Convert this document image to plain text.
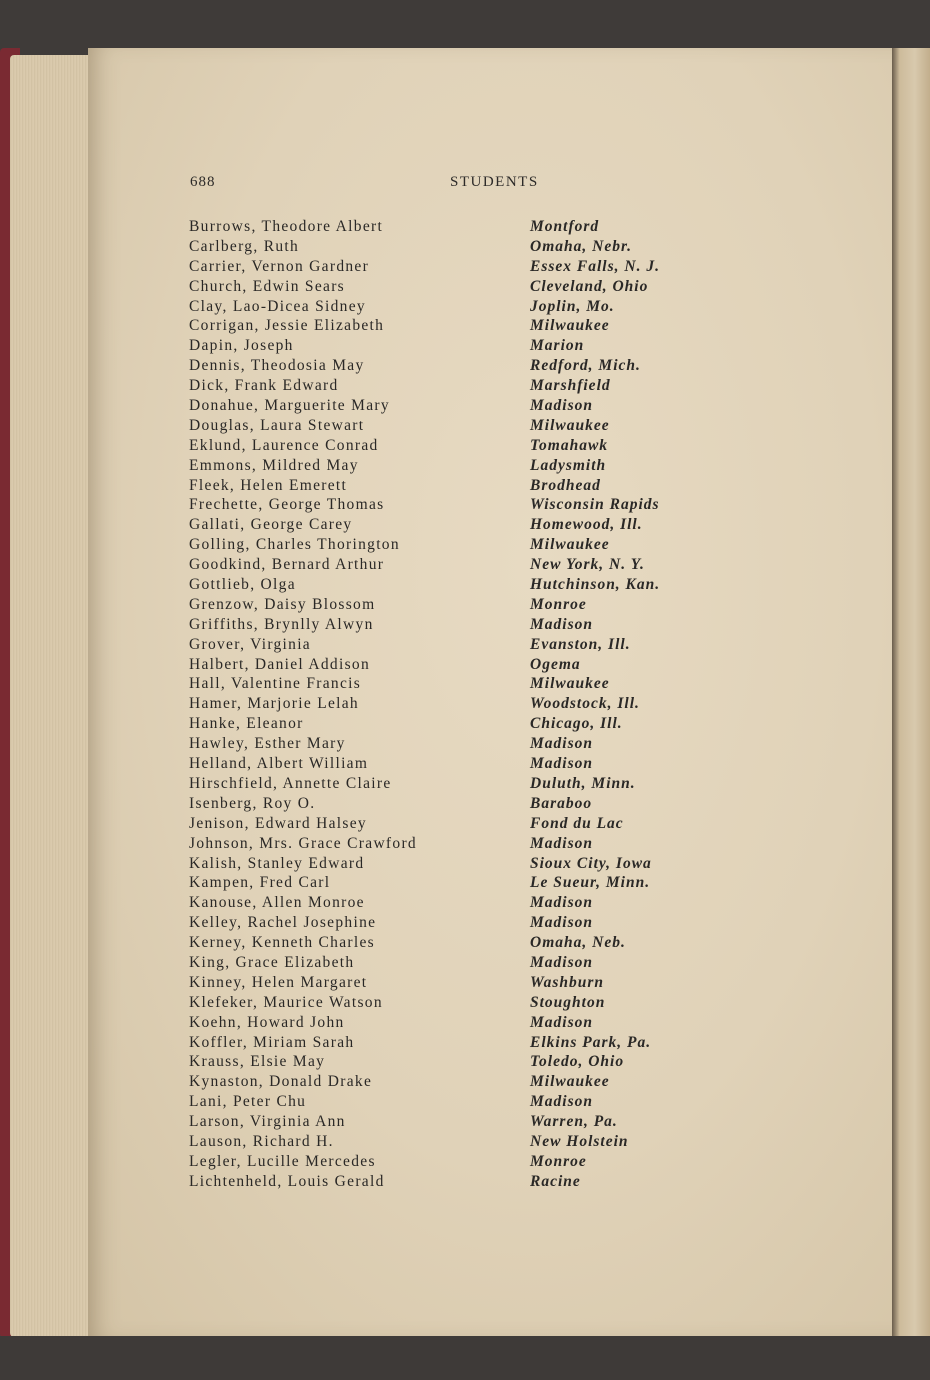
688	STUDENTS
Burrows, Theodore Albert	Montford
Carlberg, Ruth	Omaha, Nebr.
Carrier, Vernon Gardner	Essex Falls, N. J.
Church, Edwin Sears	Cleveland, Ohio
Clay, Lao-Dicea Sidney	Joplin, Mo.
Corrigan, Jessie Elizabeth	Milwaukee
Dapin, Joseph	Marion
Dennis, Theodosia May	Redford, Mich.
Dick, Frank Edward	Marshfield
Donahue, Marguerite Mary	Madison
Douglas, Laura Stewart	Milwaukee
Eklund, Laurence Conrad	Tomahawk
Emmons, Mildred May	Ladysmith
Fleek, Helen Emerett	Brodhead
Frechette, George Thomas	Wisconsin Rapids
Gallati, George Carey	Homewood, Ill.
Golling, Charles Thorington	Milwaukee
Goodkind, Bernard Arthur	New York, N. Y.
Gottlieb, Olga	Hutchinson, Kan.
Grenzow, Daisy Blossom	Monroe
Griffiths, Brynlly Alwyn	Madison
Grover, Virginia	Evanston, Ill.
Halbert, Daniel Addison	Ogema
Hall, Valentine Francis	Milwaukee
Hamer, Marjorie Lelah	Woodstock, Ill.
Hanke, Eleanor	Chicago, Ill.
Hawley, Esther Mary	Madison
Helland, Albert William	Madison
Hirschfield, Annette Claire	Duluth, Minn.
Isenberg, Roy O.	Baraboo
Jenison, Edward Halsey	Fond du Lac
Johnson, Mrs. Grace Crawford	Madison
Kalish, Stanley Edward	Sioux City, Iowa
Kampen, Fred Carl	Le Sueur, Minn.
Kanouse, Allen Monroe	Madison
Kelley, Rachel Josephine	Madison
Kerney, Kenneth Charles	Omaha, Neb.
King, Grace Elizabeth	Madison
Kinney, Helen Margaret	Washburn
Klefeker, Maurice Watson	Stoughton
Koehn, Howard John	Madison
Koffler, Miriam Sarah	Elkins Park, Pa.
Krauss, Elsie May	Toledo, Ohio
Kynaston, Donald Drake	Milwaukee
Lani, Peter Chu	Madison
Larson, Virginia Ann	Warren, Pa.
Lauson, Richard H.	New Holstein
Legler, Lucille Mercedes	Monroe
Lichtenheld, Louis Gerald	Racine
